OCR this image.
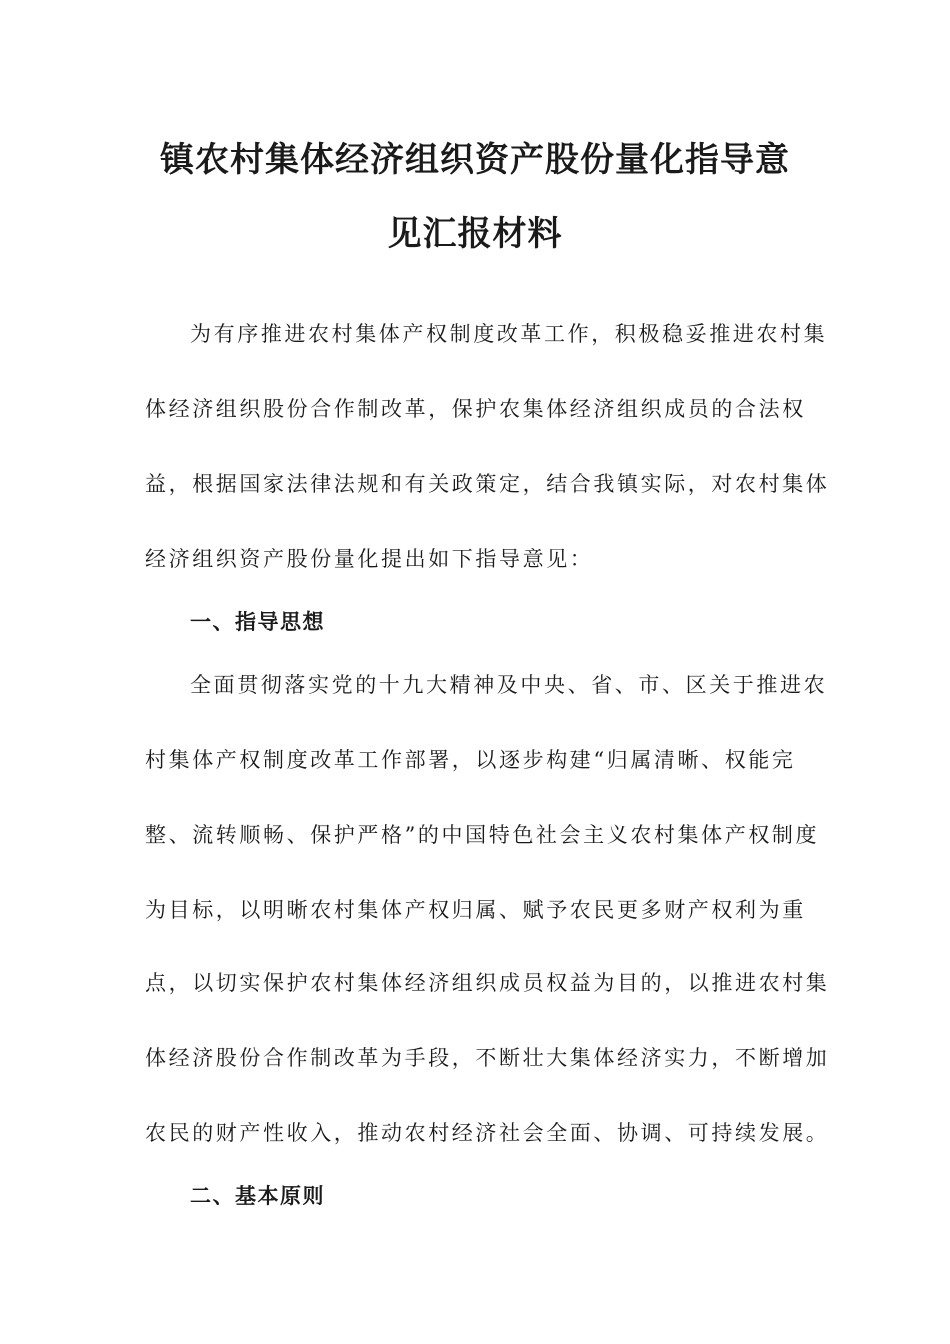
镇农村集体经济组织资产股份量化指导意
见汇报材料

为有序推进农村集体产权制度改革工作，积极稳妥推进农村集

体经济组织股份合作制改革，保护农集体经济组织成员的合法权

益，根据国家法律法规和有关政策定，结合我镇实际，对农村集体

经济组织资产股份量化提出如下指导意见：

一、指导思想

全面贯彻落实党的十九大精神及中央、省、市、区关于推进农

村集体产权制度改革工作部署，以逐步构建“归属清晰、权能完

整、流转顺畅、保护严格”的中国特色社会主义农村集体产权制度

为目标，以明晰农村集体产权归属、赋予农民更多财产权利为重

点，以切实保护农村集体经济组织成员权益为目的，以推进农村集

体经济股份合作制改革为手段，不断壮大集体经济实力，不断增加

农民的财产性收入，推动农村经济社会全面、协调、可持续发展。

二、基本原则
